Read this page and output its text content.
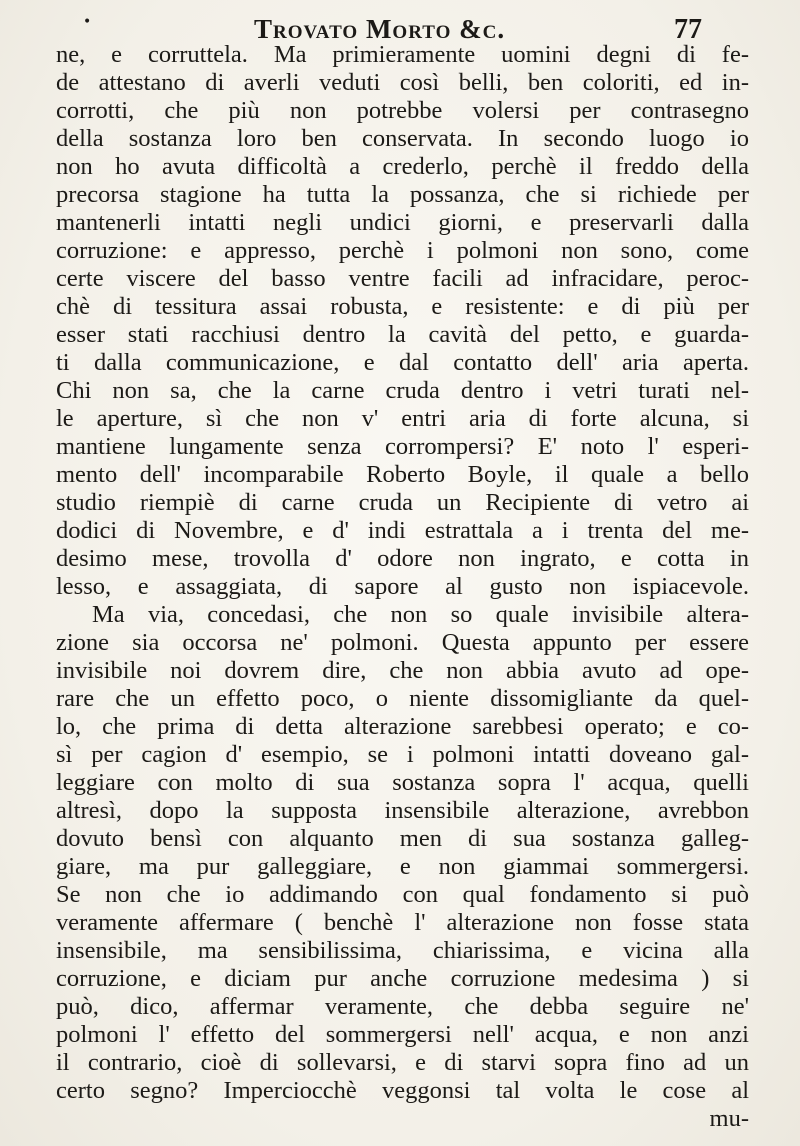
•	Trovato Morto &c.	77
ne, e corruttela. Ma primieramente uomini degni di fe-
de attestano di averli veduti così belli, ben coloriti, ed in-
corrotti, che più non potrebbe volersi per contrasegno
della sostanza loro ben conservata. In secondo luogo io
non ho avuta difficoltà a crederlo, perchè il freddo della
precorsa stagione ha tutta la possanza, che si richiede per
mantenerli intatti negli undici giorni, e preservarli dalla
corruzione: e appresso, perchè i polmoni non sono, come
certe viscere del basso ventre facili ad infracidare, peroc-
chè di tessitura assai robusta, e resistente: e di più per
esser stati racchiusi dentro la cavità del petto, e guarda-
ti dalla communicazione, e dal contatto dell' aria aperta.
Chi non sa, che la carne cruda dentro i vetri turati nel-
le aperture, sì che non v' entri aria di forte alcuna, si
mantiene lungamente senza corrompersi? E' noto l' esperi-
mento dell' incomparabile Roberto Boyle, il quale a bello
studio riempiè di carne cruda un Recipiente di vetro ai
dodici di Novembre, e d' indi estrattala a i trenta del me-
desimo mese, trovolla d' odore non ingrato, e cotta in
lesso, e assaggiata, di sapore al gusto non ispiacevole.
Ma via, concedasi, che non so quale invisibile altera-
zione sia occorsa ne' polmoni. Questa appunto per essere
invisibile noi dovrem dire, che non abbia avuto ad ope-
rare che un effetto poco, o niente dissomigliante da quel-
lo, che prima di detta alterazione sarebbesi operato; e co-
sì per cagion d' esempio, se i polmoni intatti doveano gal-
leggiare con molto di sua sostanza sopra l' acqua, quelli
altresì, dopo la supposta insensibile alterazione, avrebbon
dovuto bensì con alquanto men di sua sostanza galleg-
giare, ma pur galleggiare, e non giammai sommergersi.
Se non che io addimando con qual fondamento si può
veramente affermare ( benchè l' alterazione non fosse stata
insensibile, ma sensibilissima, chiarissima, e vicina alla
corruzione, e diciam pur anche corruzione medesima ) si
può, dico, affermar veramente, che debba seguire ne'
polmoni l' effetto del sommergersi nell' acqua, e non anzi
il contrario, cioè di sollevarsi, e di starvi sopra fino ad un
certo segno? Imperciocchè veggonsi tal volta le cose al
mu-
